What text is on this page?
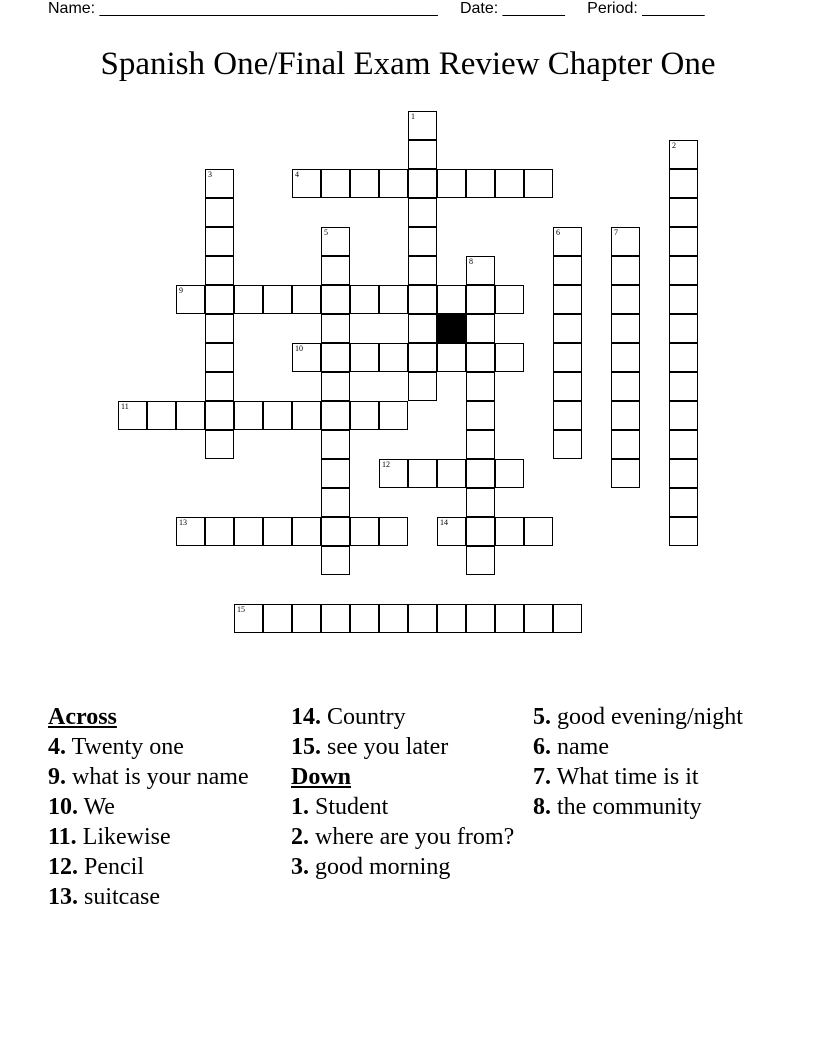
Name: ______________________________________     Date: _______     Period: _______
Spanish One/Final Exam Review Chapter One
1
2
3	4
5	6	7
8
9
10
11
12
13	14
15
Across
4. Twenty one
9. what is your name
10. We
11. Likewise
12. Pencil
13. suitcase
14. Country
15. see you later
Down
1. Student
2. where are you from?
3. good morning
5. good evening/night
6. name
7. What time is it
8. the community
